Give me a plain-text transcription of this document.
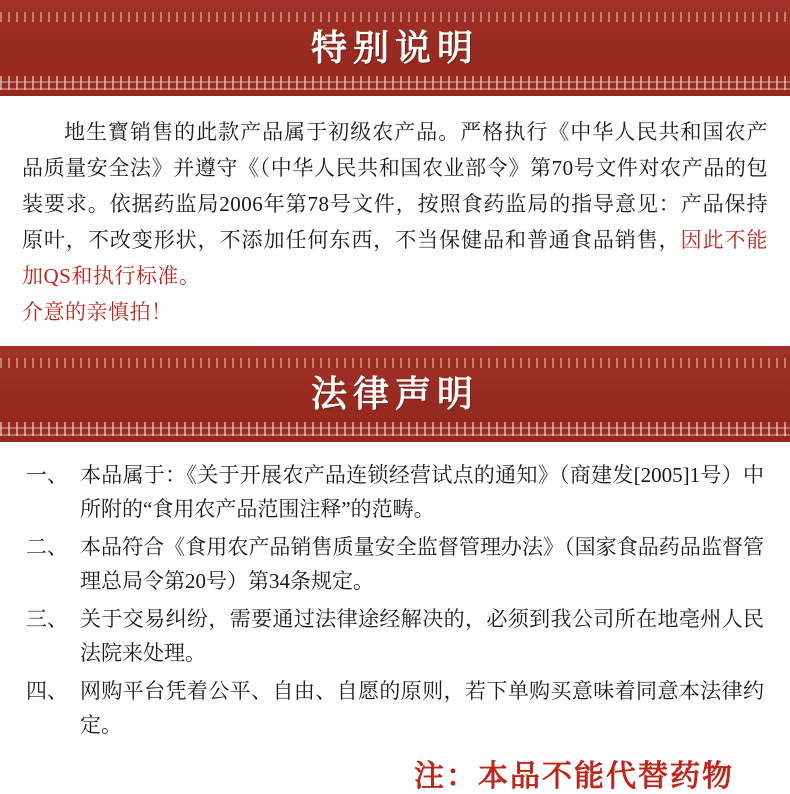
特别说明

地生寳销售的此款产品属于初级农产品。严格执行《中华人民共和国农产品质量安全法》并遵守《（中华人民共和国农业部令》第70号文件对农产品的包装要求。依据药监局2006年第78号文件，按照食药监局的指导意见：产品保持原叶，不改变形状，不添加任何东西，不当保健品和普通食品销售，因此不能加QS和执行标准。

介意的亲慎拍！

法律声明
一、 本品属于：《关于开展农产品连锁经营试点的通知》（商建发[2005]1号）中所附的“食用农产品范围注释”的范畴。
二、 本品符合《食用农产品销售质量安全监督管理办法》（国家食品药品监督管理总局令第20号）第34条规定。
三、 关于交易纠纷，需要通过法律途经解决的，必须到我公司所在地亳州人民法院来处理。
四、 网购平台凭着公平、自由、自愿的原则，若下单购买意味着同意本法律约定。
注：本品不能代替药物
